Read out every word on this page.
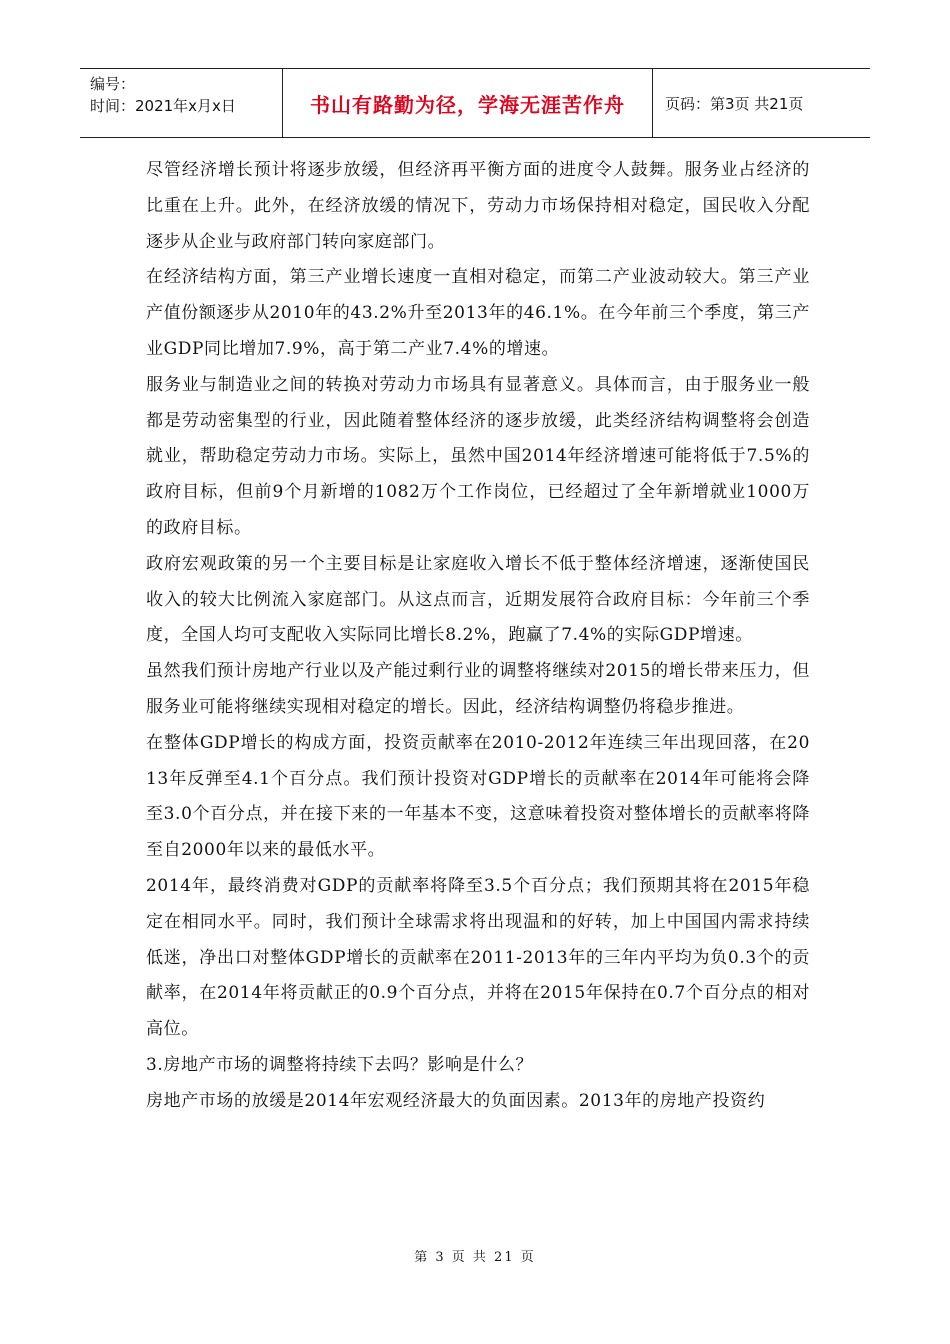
编号：
时间：2021年x月x日	书山有路勤为径，学海无涯苦作舟	页码：第3页 共21页

尽管经济增长预计将逐步放缓，但经济再平衡方面的进度令人鼓舞。服务业占经济的比重在上升。此外，在经济放缓的情况下，劳动力市场保持相对稳定，国民收入分配逐步从企业与政府部门转向家庭部门。

在经济结构方面，第三产业增长速度一直相对稳定，而第二产业波动较大。第三产业产值份额逐步从2010年的43.2%升至2013年的46.1%。在今年前三个季度，第三产业GDP同比增加7.9%，高于第二产业7.4%的增速。

服务业与制造业之间的转换对劳动力市场具有显著意义。具体而言，由于服务业一般都是劳动密集型的行业，因此随着整体经济的逐步放缓，此类经济结构调整将会创造就业，帮助稳定劳动力市场。实际上，虽然中国2014年经济增速可能将低于7.5%的政府目标，但前9个月新增的1082万个工作岗位，已经超过了全年新增就业1000万的政府目标。

政府宏观政策的另一个主要目标是让家庭收入增长不低于整体经济增速，逐渐使国民收入的较大比例流入家庭部门。从这点而言，近期发展符合政府目标：今年前三个季度，全国人均可支配收入实际同比增长8.2%，跑赢了7.4%的实际GDP增速。

虽然我们预计房地产行业以及产能过剩行业的调整将继续对2015的增长带来压力，但服务业可能将继续实现相对稳定的增长。因此，经济结构调整仍将稳步推进。

在整体GDP增长的构成方面，投资贡献率在2010-2012年连续三年出现回落，在2013年反弹至4.1个百分点。我们预计投资对GDP增长的贡献率在2014年可能将会降至3.0个百分点，并在接下来的一年基本不变，这意味着投资对整体增长的贡献率将降至自2000年以来的最低水平。

2014年，最终消费对GDP的贡献率将降至3.5个百分点；我们预期其将在2015年稳定在相同水平。同时，我们预计全球需求将出现温和的好转，加上中国国内需求持续低迷，净出口对整体GDP增长的贡献率在2011-2013年的三年内平均为负0.3个的贡献率，在2014年将贡献正的0.9个百分点，并将在2015年保持在0.7个百分点的相对高位。

3.房地产市场的调整将持续下去吗？影响是什么？

房地产市场的放缓是2014年宏观经济最大的负面因素。2013年的房地产投资约

第 3 页 共 21 页
